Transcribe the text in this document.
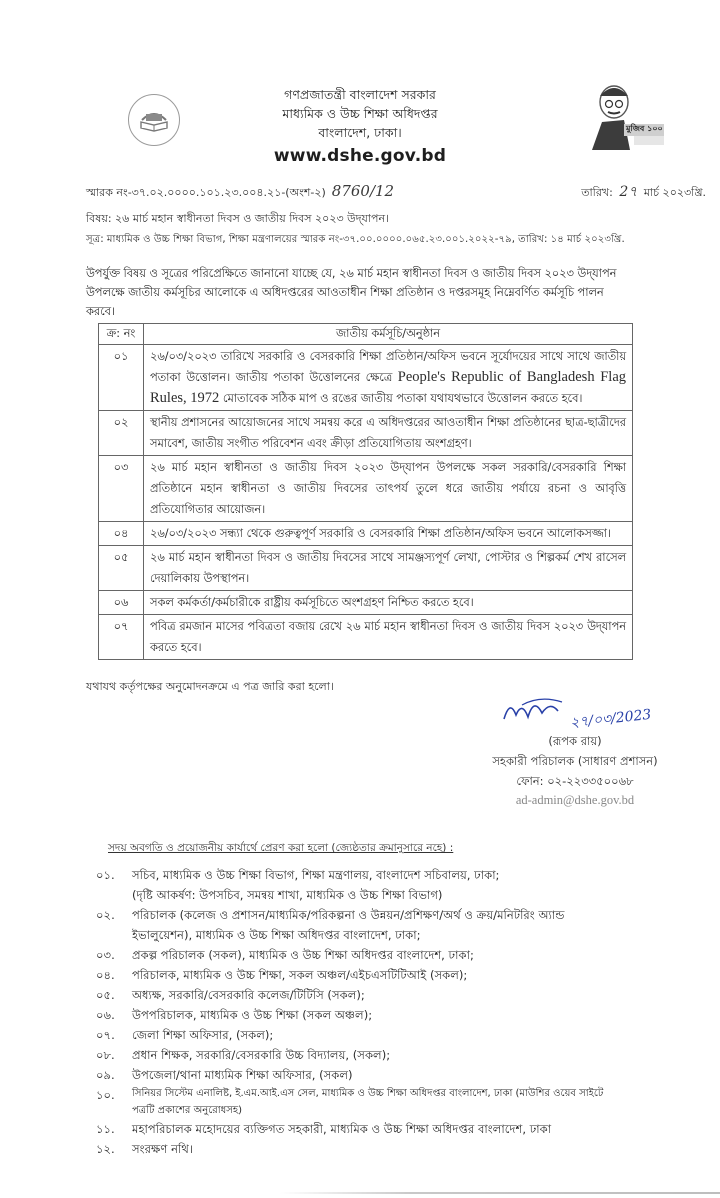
মুজিব ১০০
গণপ্রজাতন্ত্রী বাংলাদেশ সরকার
মাধ্যমিক ও উচ্চ শিক্ষা অধিদপ্তর
বাংলাদেশ, ঢাকা।
www.dshe.gov.bd
স্মারক নং-৩৭.০২.০০০০.১০১.২৩.০০৪.২১-(অংশ-২) 8760/12	তারিখ: 2৭ মার্চ ২০২৩খ্রি.
বিষয়: ২৬ মার্চ মহান স্বাধীনতা দিবস ও জাতীয় দিবস ২০২৩ উদ্‌যাপন।
সূত্র: মাধ্যমিক ও উচ্চ শিক্ষা বিভাগ, শিক্ষা মন্ত্রণালয়ের স্মারক নং-৩৭.০০.০০০০.০৬৫.২৩.০০১.২০২২-৭৯, তারিখ: ১৪ মার্চ ২০২৩খ্রি.
উপর্যুক্ত বিষয় ও সূত্রের পরিপ্রেক্ষিতে জানানো যাচ্ছে যে, ২৬ মার্চ মহান স্বাধীনতা দিবস ও জাতীয় দিবস ২০২৩ উদ্‌যাপন উপলক্ষে জাতীয় কর্মসূচির আলোকে এ অধিদপ্তরের আওতাধীন শিক্ষা প্রতিষ্ঠান ও দপ্তরসমূহ নিম্নেবর্ণিত কর্মসূচি পালন করবে।
ক্র: নং	জাতীয় কর্মসূচি/অনুষ্ঠান
০১	২৬/০৩/২০২৩ তারিখে সরকারি ও বেসরকারি শিক্ষা প্রতিষ্ঠান/অফিস ভবনে সূর্যোদয়ের সাথে সাথে জাতীয় পতাকা উত্তোলন। জাতীয় পতাকা উত্তোলনের ক্ষেত্রে People's Republic of Bangladesh Flag Rules, 1972 মোতাবেক সঠিক মাপ ও রঙের জাতীয় পতাকা যথাযথভাবে উত্তোলন করতে হবে।
০২	স্থানীয় প্রশাসনের আয়োজনের সাথে সমন্বয় করে এ অধিদপ্তরের আওতাধীন শিক্ষা প্রতিষ্ঠানের ছাত্র-ছাত্রীদের সমাবেশ, জাতীয় সংগীত পরিবেশন এবং ক্রীড়া প্রতিযোগিতায় অংশগ্রহণ।
০৩	২৬ মার্চ মহান স্বাধীনতা ও জাতীয় দিবস ২০২৩ উদ্‌যাপন উপলক্ষে সকল সরকারি/বেসরকারি শিক্ষা প্রতিষ্ঠানে মহান স্বাধীনতা ও জাতীয় দিবসের তাৎপর্য তুলে ধরে জাতীয় পর্যায়ে রচনা ও আবৃত্তি প্রতিযোগিতার আয়োজন।
০৪	২৬/০৩/২০২৩ সন্ধ্যা থেকে গুরুত্বপূর্ণ সরকারি ও বেসরকারি শিক্ষা প্রতিষ্ঠান/অফিস ভবনে আলোকসজ্জা।
০৫	২৬ মার্চ মহান স্বাধীনতা দিবস ও জাতীয় দিবসের সাথে সামঞ্জস্যপূর্ণ লেখা, পোস্টার ও শিল্পকর্ম শেখ রাসেল দেয়ালিকায় উপস্থাপন।
০৬	সকল কর্মকর্তা/কর্মচারীকে রাষ্ট্রীয় কর্মসূচিতে অংশগ্রহণ নিশ্চিত করতে হবে।
০৭	পবিত্র রমজান মাসের পবিত্রতা বজায় রেখে ২৬ মার্চ মহান স্বাধীনতা দিবস ও জাতীয় দিবস ২০২৩ উদ্‌যাপন করতে হবে।
যথাযথ কর্তৃপক্ষের অনুমোদনক্রমে এ পত্র জারি করা হলো।
২৭/০৩/2023
(রূপক রায়)
সহকারী পরিচালক (সাধারণ প্রশাসন)
ফোন: ০২-২২৩৩৫০০৬৮
ad-admin@dshe.gov.bd
সদয় অবগতি ও প্রয়োজনীয় কার্যার্থে প্রেরণ করা হলো (জ্যেষ্ঠতার ক্রমানুসারে নহে) :
০১.	সচিব, মাধ্যমিক ও উচ্চ শিক্ষা বিভাগ, শিক্ষা মন্ত্রণালয়, বাংলাদেশ সচিবালয়, ঢাকা;
(দৃষ্টি আকর্ষণ: উপসচিব, সমন্বয় শাখা, মাধ্যমিক ও উচ্চ শিক্ষা বিভাগ)
০২.	পরিচালক (কলেজ ও প্রশাসন/মাধ্যমিক/পরিকল্পনা ও উন্নয়ন/প্রশিক্ষণ/অর্থ ও ক্রয়/মনিটরিং অ্যান্ড
ইভালুয়েশন), মাধ্যমিক ও উচ্চ শিক্ষা অধিদপ্তর বাংলাদেশ, ঢাকা;
০৩.	প্রকল্প পরিচালক (সকল), মাধ্যমিক ও উচ্চ শিক্ষা অধিদপ্তর বাংলাদেশ, ঢাকা;
০৪.	পরিচালক, মাধ্যমিক ও উচ্চ শিক্ষা, সকল অঞ্চল/এইচএসটিটিআই (সকল);
০৫.	অধ্যক্ষ, সরকারি/বেসরকারি কলেজ/টিটিসি (সকল);
০৬.	উপপরিচালক, মাধ্যমিক ও উচ্চ শিক্ষা (সকল অঞ্চল);
০৭.	জেলা শিক্ষা অফিসার, (সকল);
০৮.	প্রধান শিক্ষক, সরকারি/বেসরকারি উচ্চ বিদ্যালয়, (সকল);
০৯.	উপজেলা/থানা মাধ্যমিক শিক্ষা অফিসার, (সকল)
১০.	সিনিয়র সিস্টেম এনালিষ্ট, ই.এম.আই.এস সেল, মাধ্যমিক ও উচ্চ শিক্ষা অধিদপ্তর বাংলাদেশ, ঢাকা (মাউশির ওয়েব সাইটে
পত্রটি প্রকাশের অনুরোধসহ)
১১.	মহাপরিচালক মহোদয়ের ব্যক্তিগত সহকারী, মাধ্যমিক ও উচ্চ শিক্ষা অধিদপ্তর বাংলাদেশ, ঢাকা
১২.	সংরক্ষণ নথি।
